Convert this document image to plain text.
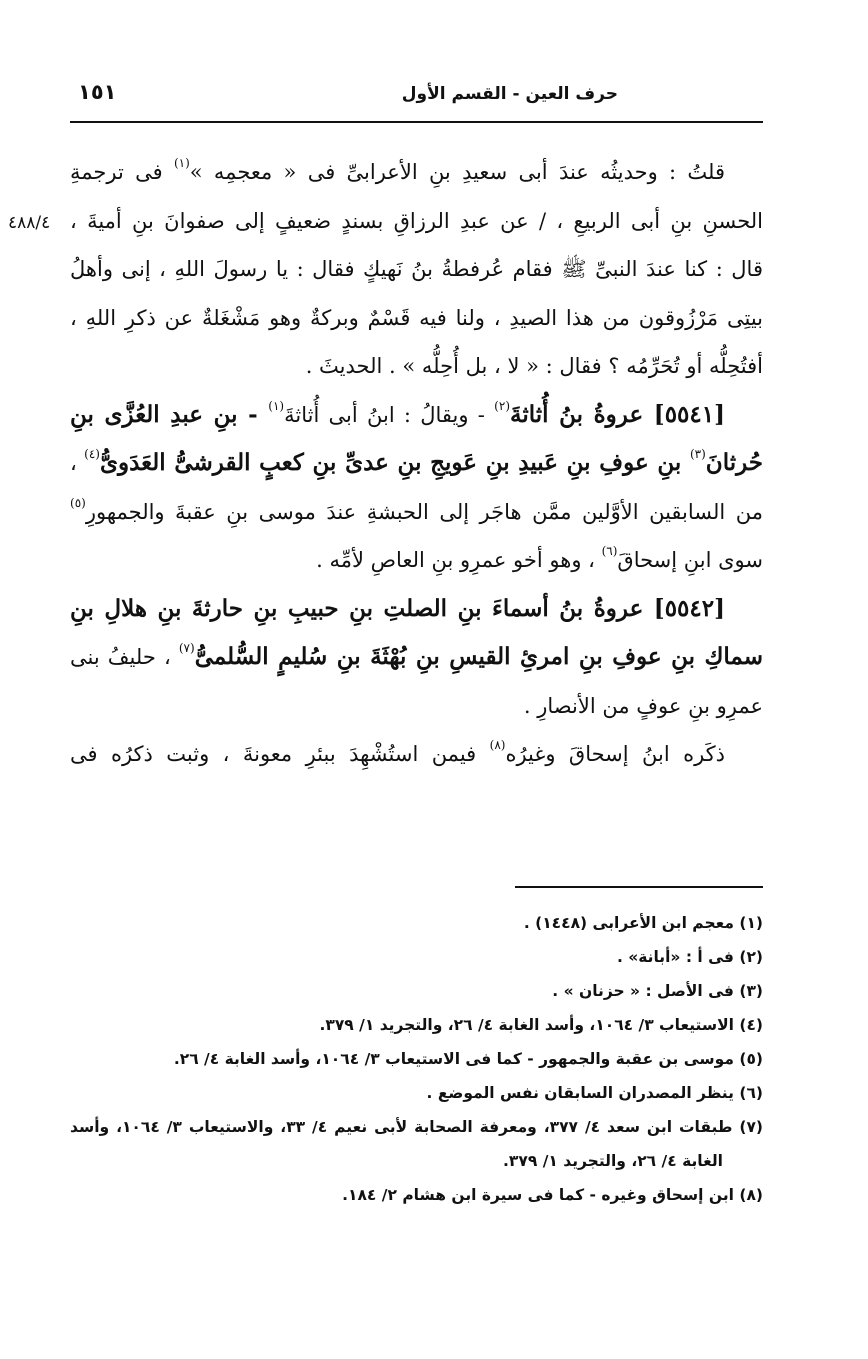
حرف العين - القسم الأول
١٥١
٤٨٨/٤

قلتُ : وحديثُه عندَ أبى سعيدِ بنِ الأعرابىِّ فى « معجمِه »$^{(١)}$ فى ترجمةِ
الحسنِ بنِ أبى الربيعِ ، / عن عبدِ الرزاقِ بسندٍ ضعيفٍ إلى صفوانَ بنِ أميةَ ،
قال : كنا عندَ النبىِّ ﷺ فقام عُرفطةُ بنُ نَهيكٍ فقال : يا رسولَ اللهِ ، إنى وأهلُ
بيتِى مَرْزُوقون من هذا الصيدِ ، ولنا فيه قَسْمٌ وبركةٌ وهو مَشْغَلةٌ عن ذكرِ اللهِ ،
أفتُحِلُّه أو تُحَرِّمُه ؟ فقال : « لا ، بل أُحِلُّه » . الحديثَ .

[٥٥٤١] عروةُ بنُ أُثاثةَ$^{(٢)}$ - ويقالُ : ابنُ أبى أُثاثةَ$^{(١)}$ - بنِ عبدِ العُزَّى بنِ
حُرثانَ$^{(٣)}$ بنِ عوفِ بنِ عَبيدِ بنِ عَويجِ بنِ عدىِّ بنِ كعبٍ القرشىُّ العَدَوىُّ$^{(٤)}$ ،
من السابقين الأوَّلين ممَّن هاجَر إلى الحبشةِ عندَ موسى بنِ عقبةَ والجمهورِ$^{(٥)}$
سوى ابنِ إسحاقَ$^{(٦)}$ ، وهو أخو عمرِو بنِ العاصِ لأمِّه .

[٥٥٤٢] عروةُ بنُ أسماءَ بنِ الصلتِ بنِ حبيبِ بنِ حارثةَ بنِ هلالِ بنِ
سماكِ بنِ عوفِ بنِ امرئِ القيسِ بنِ بُهْثَةَ بنِ سُليمٍ السُّلمىُّ$^{(٧)}$ ، حليفُ بنى
عمرِو بنِ عوفٍ من الأنصارِ .
ذكَره ابنُ إسحاقَ وغيرُه$^{(٨)}$ فيمن استُشْهِدَ ببئرِ معونةَ ، وثبت ذكرُه فى

(١) معجم ابن الأعرابى (١٤٤٨) .
(٢) فى أ : «أبانة» .
(٣) فى الأصل : « حزنان » .
(٤) الاستيعاب ٣/ ١٠٦٤، وأسد الغابة ٤/ ٢٦، والتجريد ١/ ٣٧٩.
(٥) موسى بن عقبة والجمهور - كما فى الاستيعاب ٣/ ١٠٦٤، وأسد الغابة ٤/ ٢٦.
(٦) ينظر المصدران السابقان نفس الموضع .
(٧) طبقات ابن سعد ٤/ ٣٧٧، ومعرفة الصحابة لأبى نعيم ٤/ ٣٣، والاستيعاب ٣/ ١٠٦٤، وأسد
الغابة ٤/ ٢٦، والتجريد ١/ ٣٧٩.
(٨) ابن إسحاق وغيره - كما فى سيرة ابن هشام ٢/ ١٨٤.
